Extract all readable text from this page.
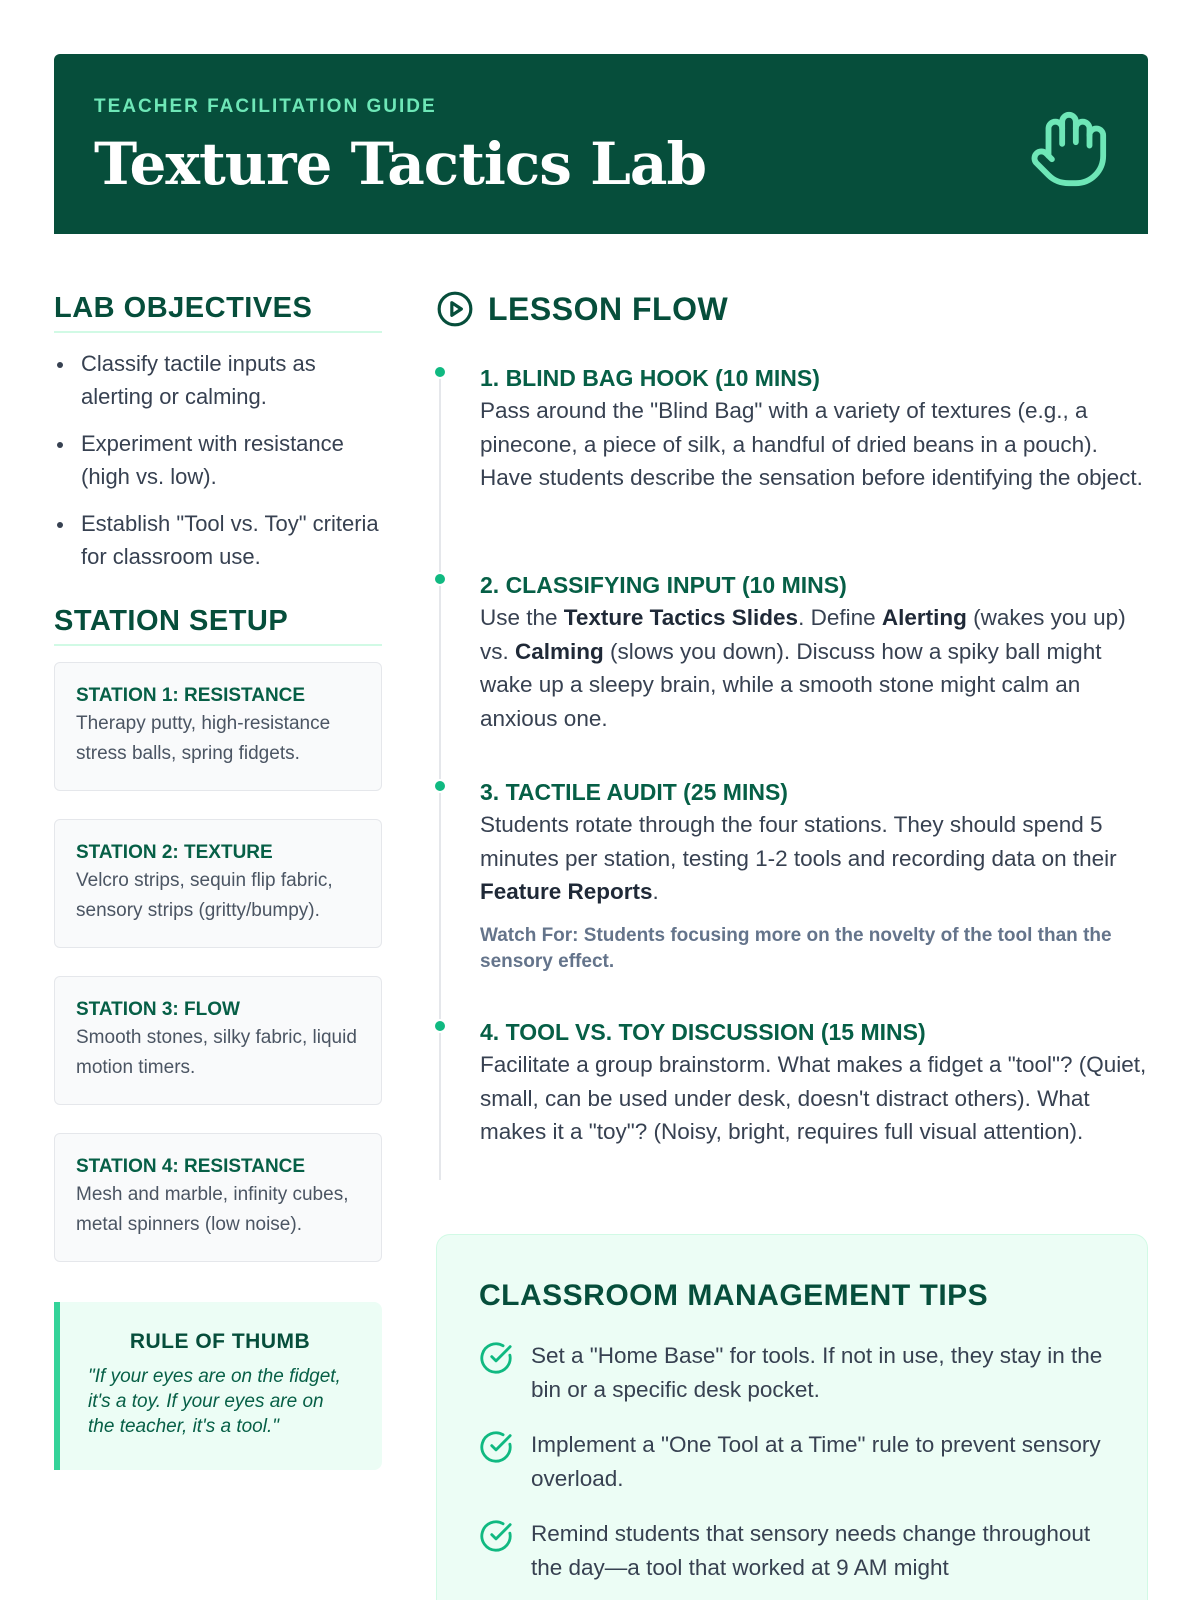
TEACHER FACILITATION GUIDE
Texture Tactics Lab
LAB OBJECTIVES
Classify tactile inputs as alerting or calming.
Experiment with resistance (high vs. low).
Establish "Tool vs. Toy" criteria for classroom use.
STATION SETUP
STATION 1: RESISTANCE
Therapy putty, high-resistance stress balls, spring fidgets.
STATION 2: TEXTURE
Velcro strips, sequin flip fabric, sensory strips (gritty/bumpy).
STATION 3: FLOW
Smooth stones, silky fabric, liquid motion timers.
STATION 4: RESISTANCE
Mesh and marble, infinity cubes, metal spinners (low noise).
RULE OF THUMB
"If your eyes are on the fidget, it's a toy. If your eyes are on the teacher, it's a tool."
LESSON FLOW
1. BLIND BAG HOOK (10 MINS)
Pass around the "Blind Bag" with a variety of textures (e.g., a pinecone, a piece of silk, a handful of dried beans in a pouch). Have students describe the sensation before identifying the object.
2. CLASSIFYING INPUT (10 MINS)
Use the Texture Tactics Slides. Define Alerting (wakes you up) vs. Calming (slows you down). Discuss how a spiky ball might wake up a sleepy brain, while a smooth stone might calm an anxious one.
3. TACTILE AUDIT (25 MINS)
Students rotate through the four stations. They should spend 5 minutes per station, testing 1-2 tools and recording data on their Feature Reports.
Watch For: Students focusing more on the novelty of the tool than the sensory effect.
4. TOOL VS. TOY DISCUSSION (15 MINS)
Facilitate a group brainstorm. What makes a fidget a "tool"? (Quiet, small, can be used under desk, doesn't distract others). What makes it a "toy"? (Noisy, bright, requires full visual attention).
CLASSROOM MANAGEMENT TIPS
Set a "Home Base" for tools. If not in use, they stay in the bin or a specific desk pocket.
Implement a "One Tool at a Time" rule to prevent sensory overload.
Remind students that sensory needs change throughout the day—a tool that worked at 9 AM might
